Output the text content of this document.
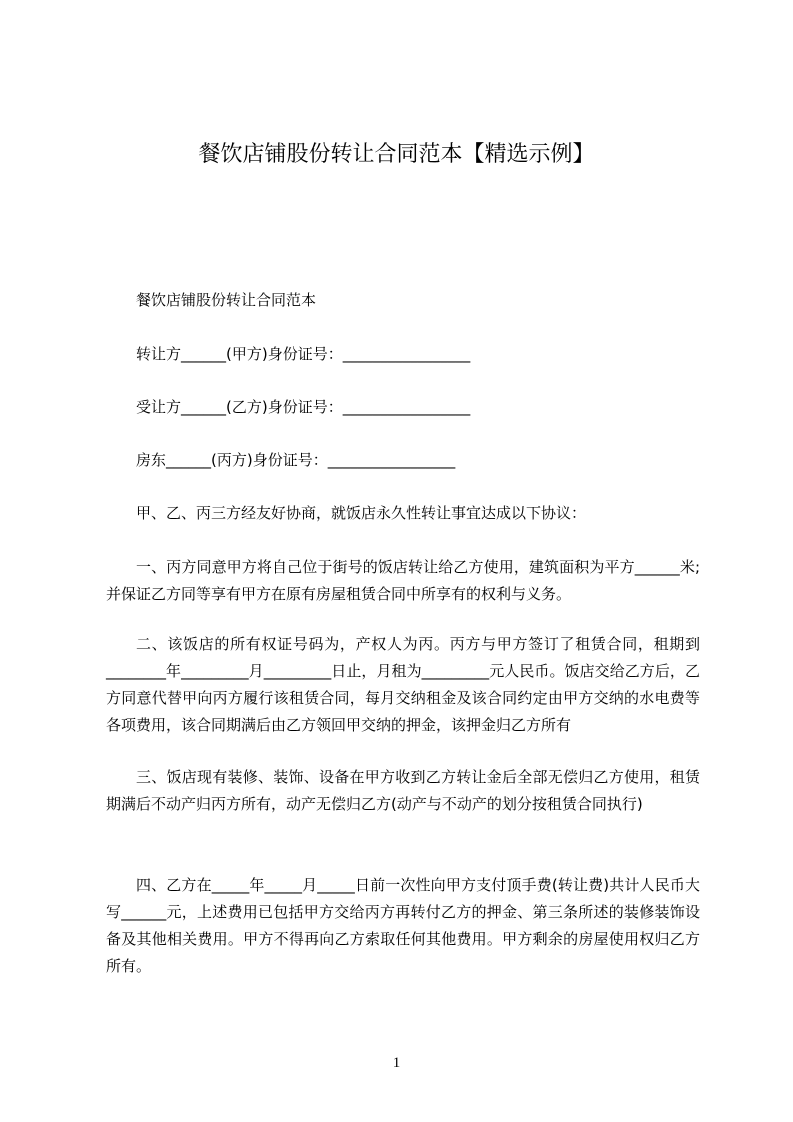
餐饮店铺股份转让合同范本【精选示例】
餐饮店铺股份转让合同范本
转让方______(甲方)身份证号：_________________
受让方______(乙方)身份证号：_________________
房东______(丙方)身份证号：_________________
甲、乙、丙三方经友好协商，就饭店永久性转让事宜达成以下协议：
一、丙方同意甲方将自己位于街号的饭店转让给乙方使用，建筑面积为平方______米;并保证乙方同等享有甲方在原有房屋租赁合同中所享有的权利与义务。
二、该饭店的所有权证号码为，产权人为丙。丙方与甲方签订了租赁合同，租期到________年_________月_________日止，月租为_________元人民币。饭店交给乙方后，乙方同意代替甲向丙方履行该租赁合同，每月交纳租金及该合同约定由甲方交纳的水电费等各项费用，该合同期满后由乙方领回甲交纳的押金，该押金归乙方所有
三、饭店现有装修、装饰、设备在甲方收到乙方转让金后全部无偿归乙方使用，租赁期满后不动产归丙方所有，动产无偿归乙方(动产与不动产的划分按租赁合同执行)
四、乙方在_____年_____月_____日前一次性向甲方支付顶手费(转让费)共计人民币大写______元，上述费用已包括甲方交给丙方再转付乙方的押金、第三条所述的装修装饰设备及其他相关费用。甲方不得再向乙方索取任何其他费用。甲方剩余的房屋使用权归乙方所有。
1
